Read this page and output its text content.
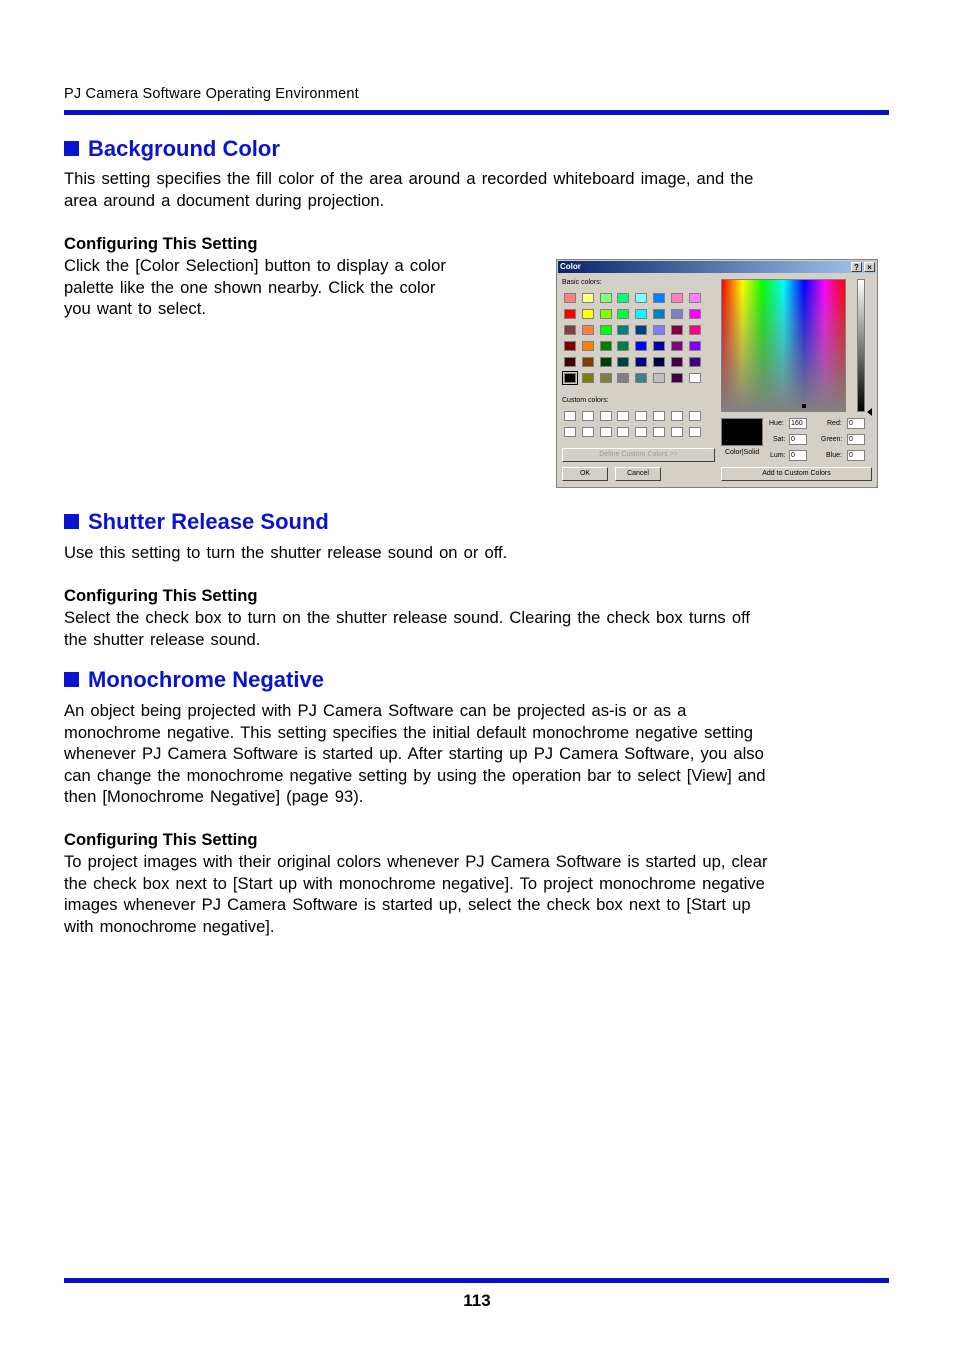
PJ Camera Software Operating Environment
Background Color

This setting specifies the fill color of the area around a recorded whiteboard image, and the
area around a document during projection.

Configuring This Setting

Click the [Color Selection] button to display a color
palette like the one shown nearby. Click the color
you want to select.

Color	?	×
Basic colors:
Custom colors:
Define Custom Colors >>
OK	Cancel
Color|Solid
Hue: 160
Sat: 0
Lum: 0
Red: 0
Green: 0
Blue: 0
Add to Custom Colors
Shutter Release Sound

Use this setting to turn the shutter release sound on or off.

Configuring This Setting

Select the check box to turn on the shutter release sound. Clearing the check box turns off
the shutter release sound.

Monochrome Negative

An object being projected with PJ Camera Software can be projected as-is or as a
monochrome negative. This setting specifies the initial default monochrome negative setting
whenever PJ Camera Software is started up. After starting up PJ Camera Software, you also
can change the monochrome negative setting by using the operation bar to select [View] and
then [Monochrome Negative] (page 93).

Configuring This Setting

To project images with their original colors whenever PJ Camera Software is started up, clear
the check box next to [Start up with monochrome negative]. To project monochrome negative
images whenever PJ Camera Software is started up, select the check box next to [Start up
with monochrome negative].

113
